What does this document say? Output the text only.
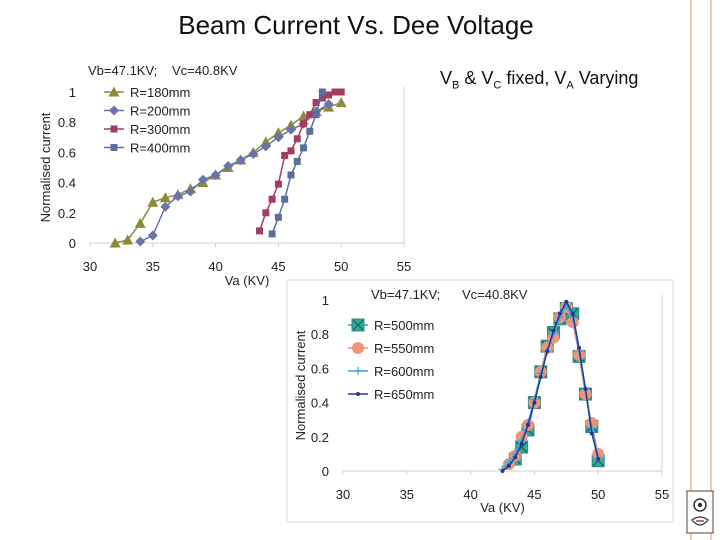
Beam Current Vs. Dee Voltage
$V_B$ & $V_C$ fixed, $V_A$ Varying
30	35	40	45	50	55
0
0.2
0.4
0.6
0.8
1
Va (KV)
Normalised current
Vb=47.1KV; Vc=40.8KV
R=180mm
R=200mm
R=300mm
R=400mm
30	35	40	45	50	55
0
0.2
0.4
0.6
0.8
1
Va (KV)
Normalised current
Vb=47.1KV; Vc=40.8KV
R=500mm
R=550mm
R=600mm
R=650mm
